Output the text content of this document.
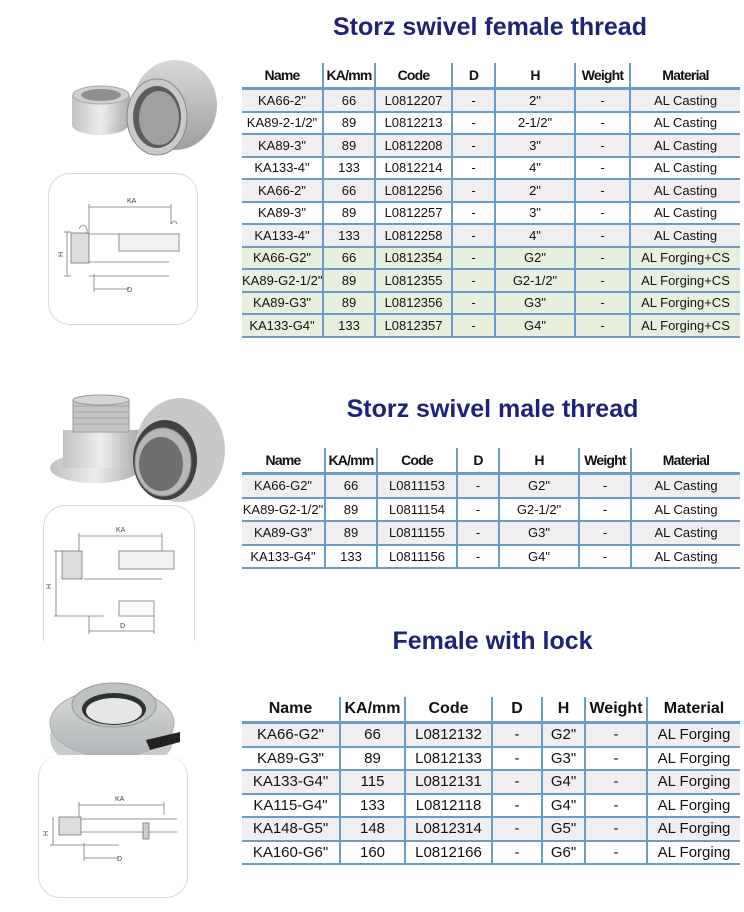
Storz swivel female thread
KA
H
D
Name	KA/mm	Code	D	H	Weight	Material
KA66-2"	66	L0812207	-	2"	-	AL Casting
KA89-2-1/2"	89	L0812213	-	2-1/2"	-	AL Casting
KA89-3"	89	L0812208	-	3"	-	AL Casting
KA133-4"	133	L0812214	-	4"	-	AL Casting
KA66-2"	66	L0812256	-	2"	-	AL Casting
KA89-3"	89	L0812257	-	3"	-	AL Casting
KA133-4"	133	L0812258	-	4"	-	AL Casting
KA66-G2"	66	L0812354	-	G2"	-	AL Forging+CS
KA89-G2-1/2"	89	L0812355	-	G2-1/2"	-	AL Forging+CS
KA89-G3"	89	L0812356	-	G3"	-	AL Forging+CS
KA133-G4"	133	L0812357	-	G4"	-	AL Forging+CS
Storz swivel male thread
KA
H
D
Name	KA/mm	Code	D	H	Weight	Material
KA66-G2"	66	L0811153	-	G2"	-	AL Casting
KA89-G2-1/2"	89	L0811154	-	G2-1/2"	-	AL Casting
KA89-G3"	89	L0811155	-	G3"	-	AL Casting
KA133-G4"	133	L0811156	-	G4"	-	AL Casting
Female with lock
KA
H
D
Name	KA/mm	Code	D	H	Weight	Material
KA66-G2"	66	L0812132	-	G2"	-	AL Forging
KA89-G3"	89	L0812133	-	G3"	-	AL Forging
KA133-G4"	115	L0812131	-	G4"	-	AL Forging
KA115-G4"	133	L0812118	-	G4"	-	AL Forging
KA148-G5"	148	L0812314	-	G5"	-	AL Forging
KA160-G6"	160	L0812166	-	G6"	-	AL Forging
